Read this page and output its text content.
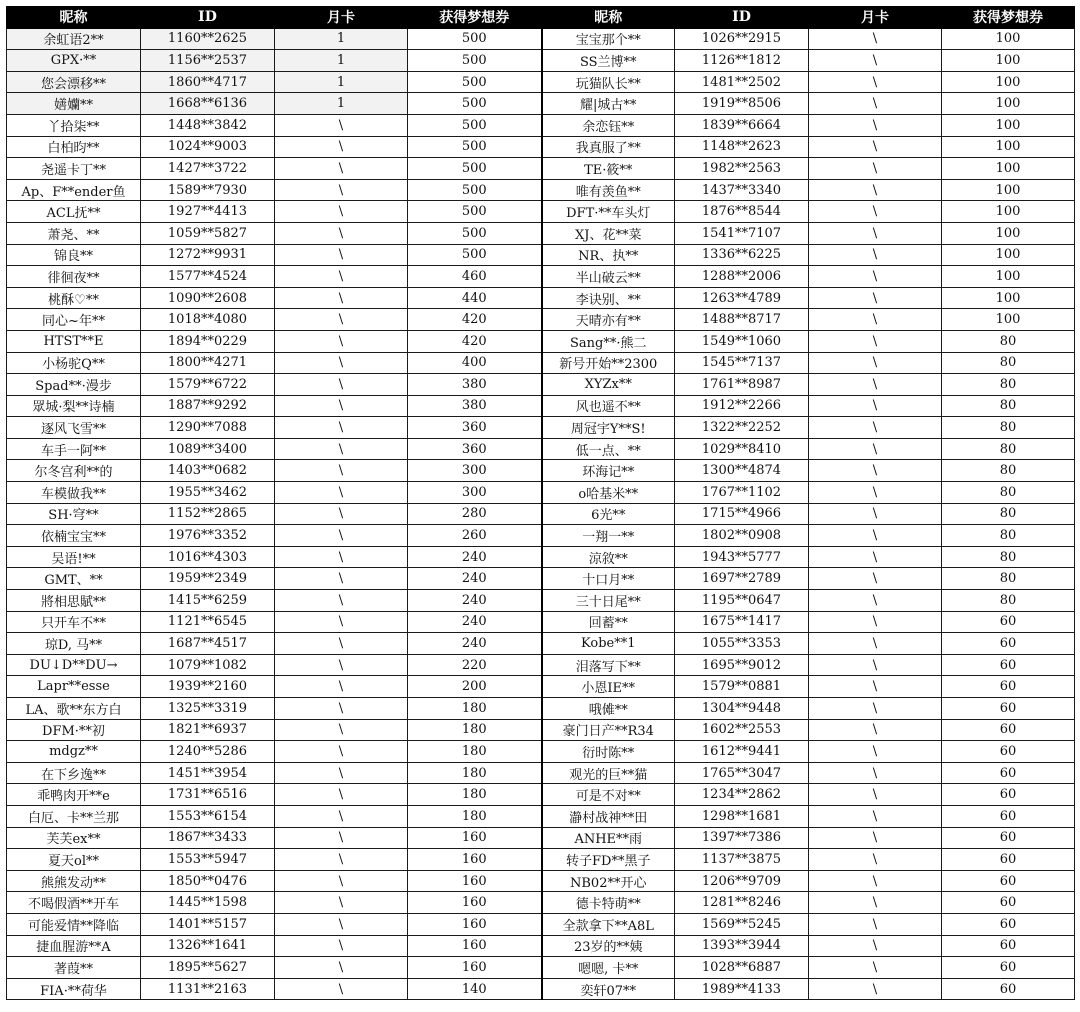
昵称	ID	月卡	获得梦想券	昵称	ID	月卡	获得梦想券
余虹语2**	1160**2625	1	500	宝宝那个**	1026**2915	\	100
GPX·**	1156**2537	1	500	SS兰博**	1126**1812	\	100
您会漂移**	1860**4717	1	500	玩猫队长**	1481**2502	\	100
嫸孏**	1668**6136	1	500	耀|城古**	1919**8506	\	100
丫拾柒**	1448**3842	\	500	余恋钰**	1839**6664	\	100
白柏昀**	1024**9003	\	500	我真服了**	1148**2623	\	100
尧遥卡丁**	1427**3722	\	500	TE·筱**	1982**2563	\	100
Ap、F**ender鱼	1589**7930	\	500	唯有羡鱼**	1437**3340	\	100
ACL抚**	1927**4413	\	500	DFT·**车头灯	1876**8544	\	100
萧尧、**	1059**5827	\	500	XJ、花**菜	1541**7107	\	100
锦良**	1272**9931	\	500	NR、执**	1336**6225	\	100
徘徊夜**	1577**4524	\	460	半山破云**	1288**2006	\	100
桃酥♡**	1090**2608	\	440	李诀别、**	1263**4789	\	100
同心~年**	1018**4080	\	420	天晴亦有**	1488**8717	\	100
HTST**E	1894**0229	\	420	Sang**·熊二	1549**1060	\	80
小杨驼Q**	1800**4271	\	400	新号开始**2300	1545**7137	\	80
Spad**·漫步	1579**6722	\	380	XYZx**	1761**8987	\	80
眾城·梨**诗楠	1887**9292	\	380	风也遥不**	1912**2266	\	80
逐风飞雪**	1290**7088	\	360	周冠宇Y**S!	1322**2252	\	80
车手一阿**	1089**3400	\	360	低一点、**	1029**8410	\	80
尔冬宫利**的	1403**0682	\	300	环海记**	1300**4874	\	80
车模做我**	1955**3462	\	300	o哈基米**	1767**1102	\	80
SH·穹**	1152**2865	\	280	6光**	1715**4966	\	80
依楠宝宝**	1976**3352	\	260	一翔一**	1802**0908	\	80
吴语!**	1016**4303	\	240	涼敘**	1943**5777	\	80
GMT、**	1959**2349	\	240	十口月**	1697**2789	\	80
將相思賦**	1415**6259	\	240	三十日尾**	1195**0647	\	80
只开车不**	1121**6545	\	240	回蓄**	1675**1417	\	60
琼D, 马**	1687**4517	\	240	Kobe**1	1055**3353	\	60
DU↓D**DU→	1079**1082	\	220	泪落写下**	1695**9012	\	60
Lapr**esse	1939**2160	\	200	小恩IE**	1579**0881	\	60
LA、歌**东方白	1325**3319	\	180	哦傩**	1304**9448	\	60
DFM·**初	1821**6937	\	180	豪门日产**R34	1602**2553	\	60
mdgz**	1240**5286	\	180	衍时陈**	1612**9441	\	60
在下乡逸**	1451**3954	\	180	观光的巨**猫	1765**3047	\	60
乖鸭肉开**e	1731**6516	\	180	可是不对**	1234**2862	\	60
白厄、卡**兰那	1553**6154	\	180	瀞村战神**田	1298**1681	\	60
芙芙ex**	1867**3433	\	160	ANHE**雨	1397**7386	\	60
夏天ol**	1553**5947	\	160	转子FD**黑子	1137**3875	\	60
熊熊发动**	1850**0476	\	160	NB02**开心	1206**9709	\	60
不喝假酒**开车	1445**1598	\	160	德卡特萌**	1281**8246	\	60
可能爱情**降临	1401**5157	\	160	全款拿下**A8L	1569**5245	\	60
捷血腥游**A	1326**1641	\	160	23岁的**姨	1393**3944	\	60
著葭**	1895**5627	\	160	嗯嗯, 卡**	1028**6887	\	60
FIA·**荷华	1131**2163	\	140	奕轩07**	1989**4133	\	60
